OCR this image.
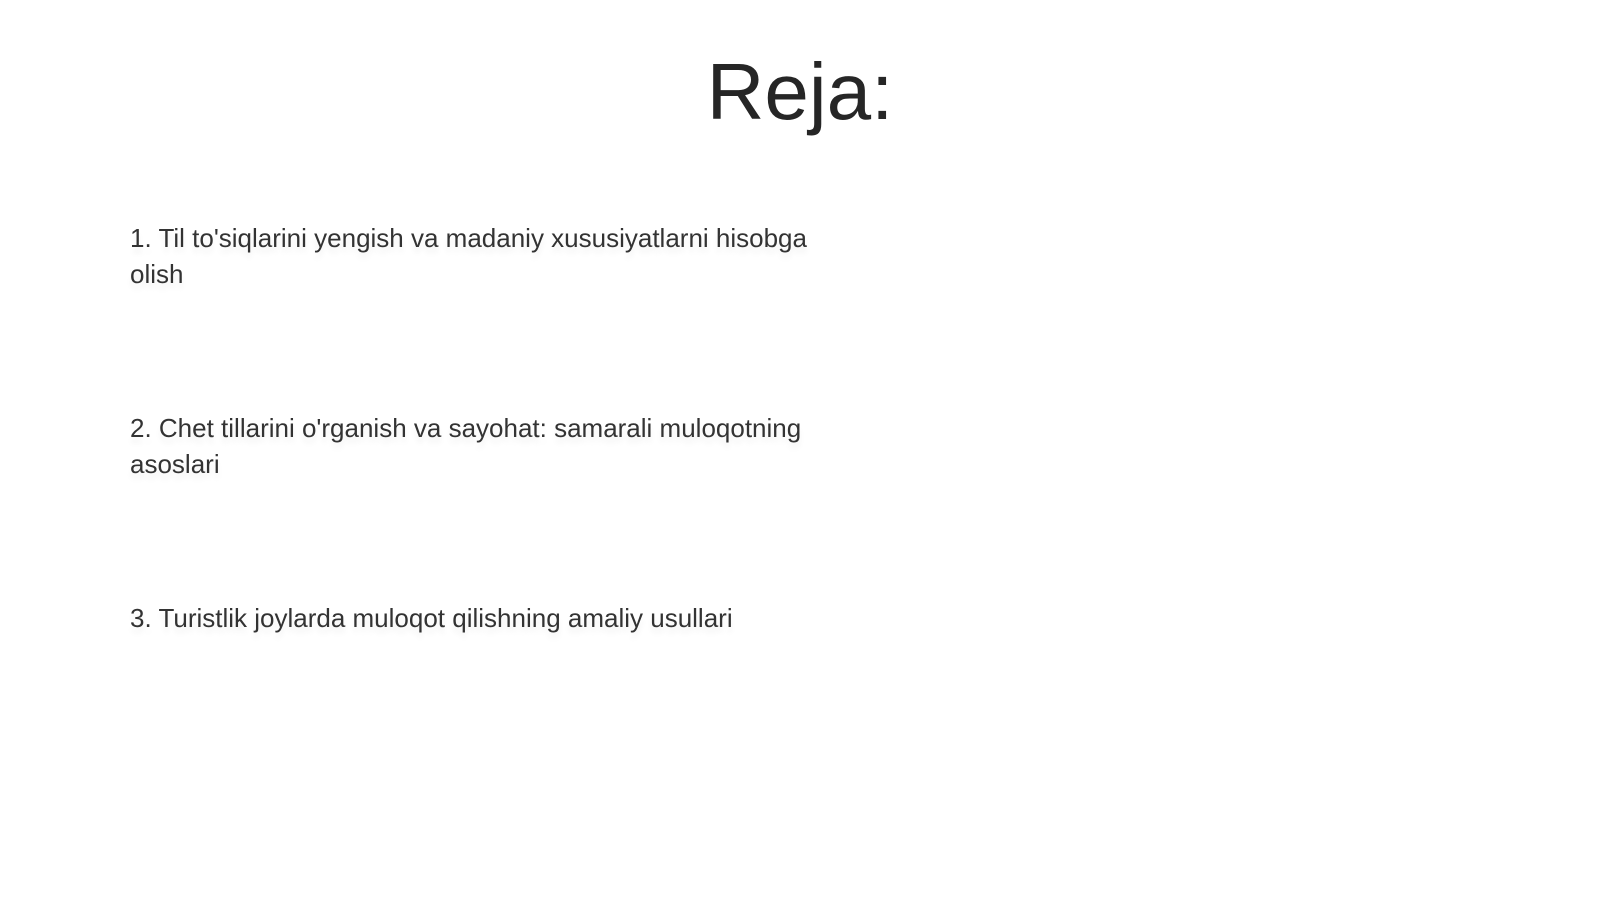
Reja:
1. Til to'siqlarini yengish va madaniy xususiyatlarni hisobga olish
2. Chet tillarini o'rganish va sayohat: samarali muloqotning asoslari
3. Turistlik joylarda muloqot qilishning amaliy usullari
